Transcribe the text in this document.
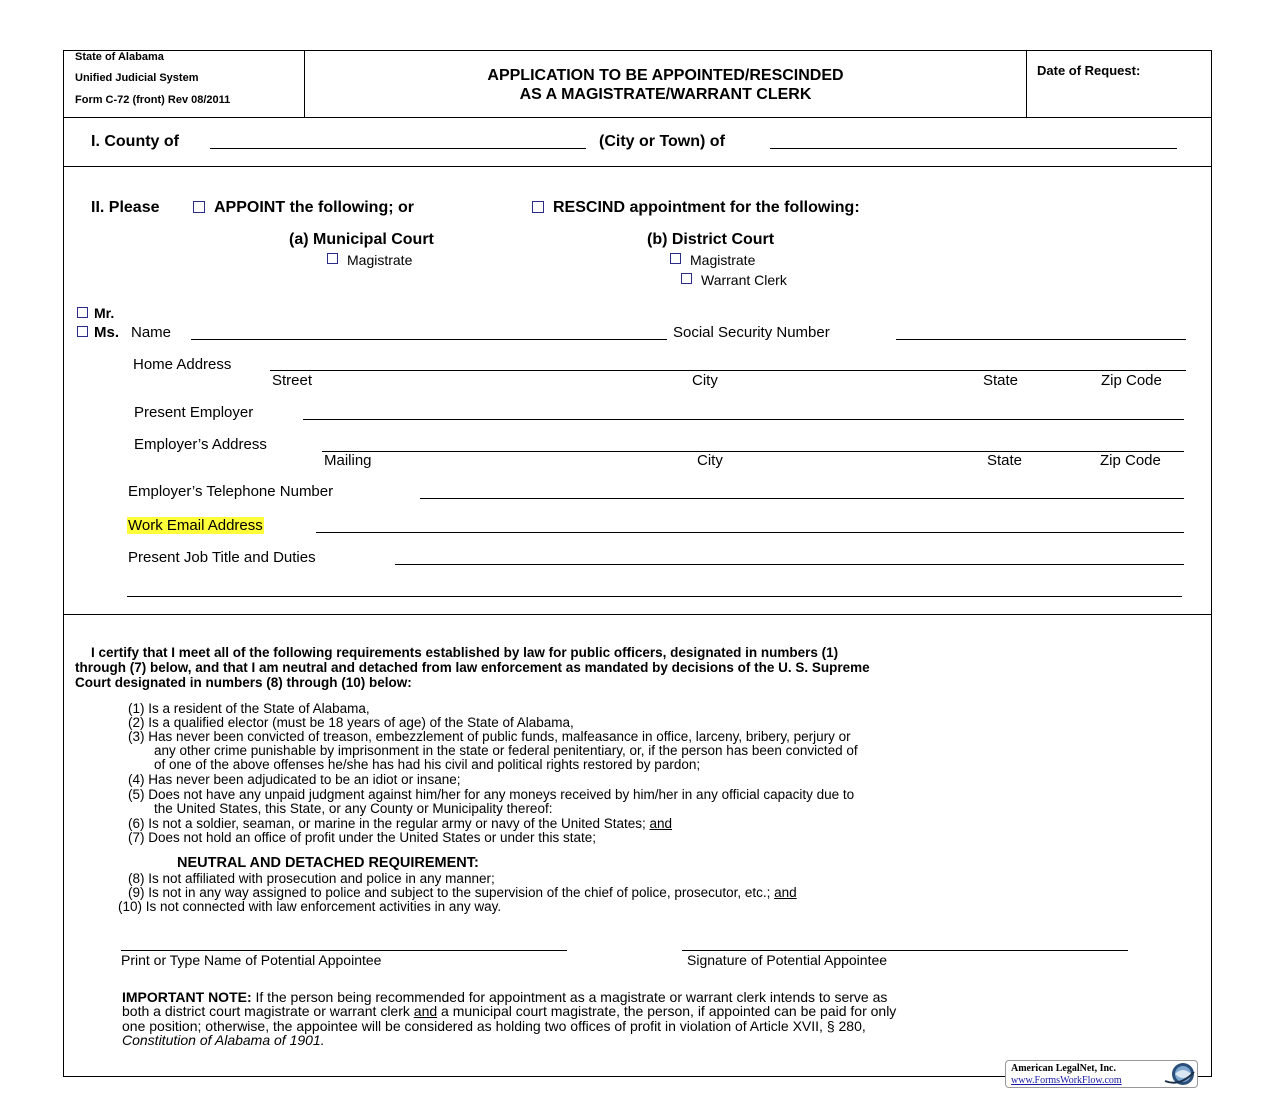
State of Alabama
Unified Judicial System
Form C-72 (front) Rev 08/2011
APPLICATION TO BE APPOINTED/RESCINDED
AS A MAGISTRATE/WARRANT CLERK
Date of Request:
I. County of	(City or Town) of
II. Please	APPOINT the following; or	RESCIND appointment for the following:
(a) Municipal Court
Magistrate
(b) District Court
Magistrate
Warrant Clerk
Mr.
Ms. Name	Social Security Number
Home Address
Street	City	State	Zip Code
Present Employer
Employer’s Address
Mailing	City	State	Zip Code
Employer’s Telephone Number
Work Email Address
Present Job Title and Duties
I certify that I meet all of the following requirements established by law for public officers, designated in numbers (1)
through (7) below, and that I am neutral and detached from law enforcement as mandated by decisions of the U. S. Supreme
Court designated in numbers (8) through (10) below:
(1) Is a resident of the State of Alabama,
(2) Is a qualified elector (must be 18 years of age) of the State of Alabama,
(3) Has never been convicted of treason, embezzlement of public funds, malfeasance in office, larceny, bribery, perjury or
any other crime punishable by imprisonment in the state or federal penitentiary, or, if the person has been convicted of
of one of the above offenses he/she has had his civil and political rights restored by pardon;
(4) Has never been adjudicated to be an idiot or insane;
(5) Does not have any unpaid judgment against him/her for any moneys received by him/her in any official capacity due to
the United States, this State, or any County or Municipality thereof:
(6) Is not a soldier, seaman, or marine in the regular army or navy of the United States; and
(7) Does not hold an office of profit under the United States or under this state;
NEUTRAL AND DETACHED REQUIREMENT:
(8) Is not affiliated with prosecution and police in any manner;
(9) Is not in any way assigned to police and subject to the supervision of the chief of police, prosecutor, etc.; and
(10) Is not connected with law enforcement activities in any way.
Print or Type Name of Potential Appointee	Signature of Potential Appointee
IMPORTANT NOTE: If the person being recommended for appointment as a magistrate or warrant clerk intends to serve as
both a district court magistrate or warrant clerk and a municipal court magistrate, the person, if appointed can be paid for only
one position; otherwise, the appointee will be considered as holding two offices of profit in violation of Article XVII, § 280,
Constitution of Alabama of 1901.
American LegalNet, Inc.
www.FormsWorkFlow.com
